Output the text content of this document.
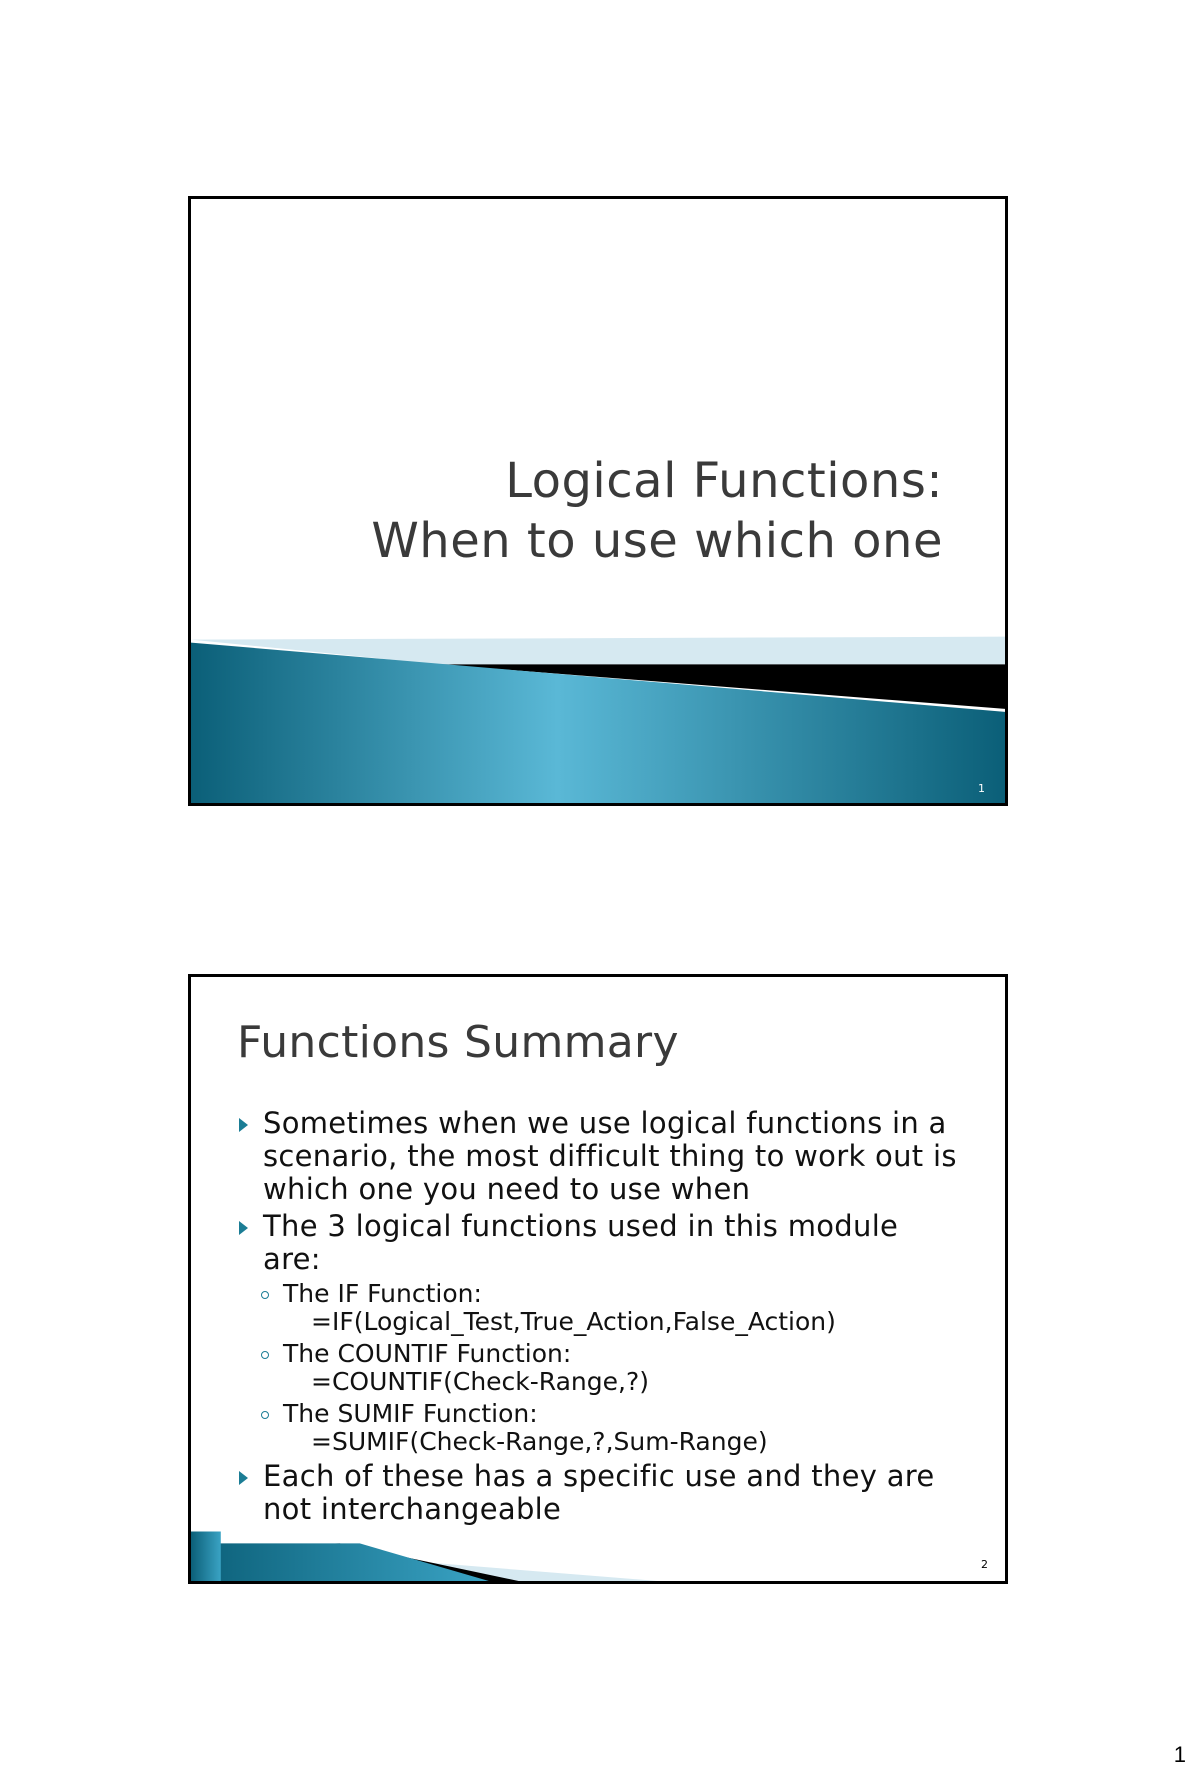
Logical Functions:
When to use which one
1
Functions Summary
Sometimes when we use logical functions in a scenario, the most difficult thing to work out is which one you need to use when
The 3 logical functions used in this module are:
The IF Function:
=IF(Logical_Test,True_Action,False_Action)
The COUNTIF Function:
=COUNTIF(Check-Range,?)
The SUMIF Function:
=SUMIF(Check-Range,?,Sum-Range)
Each of these has a specific use and they are not interchangeable
2
1
